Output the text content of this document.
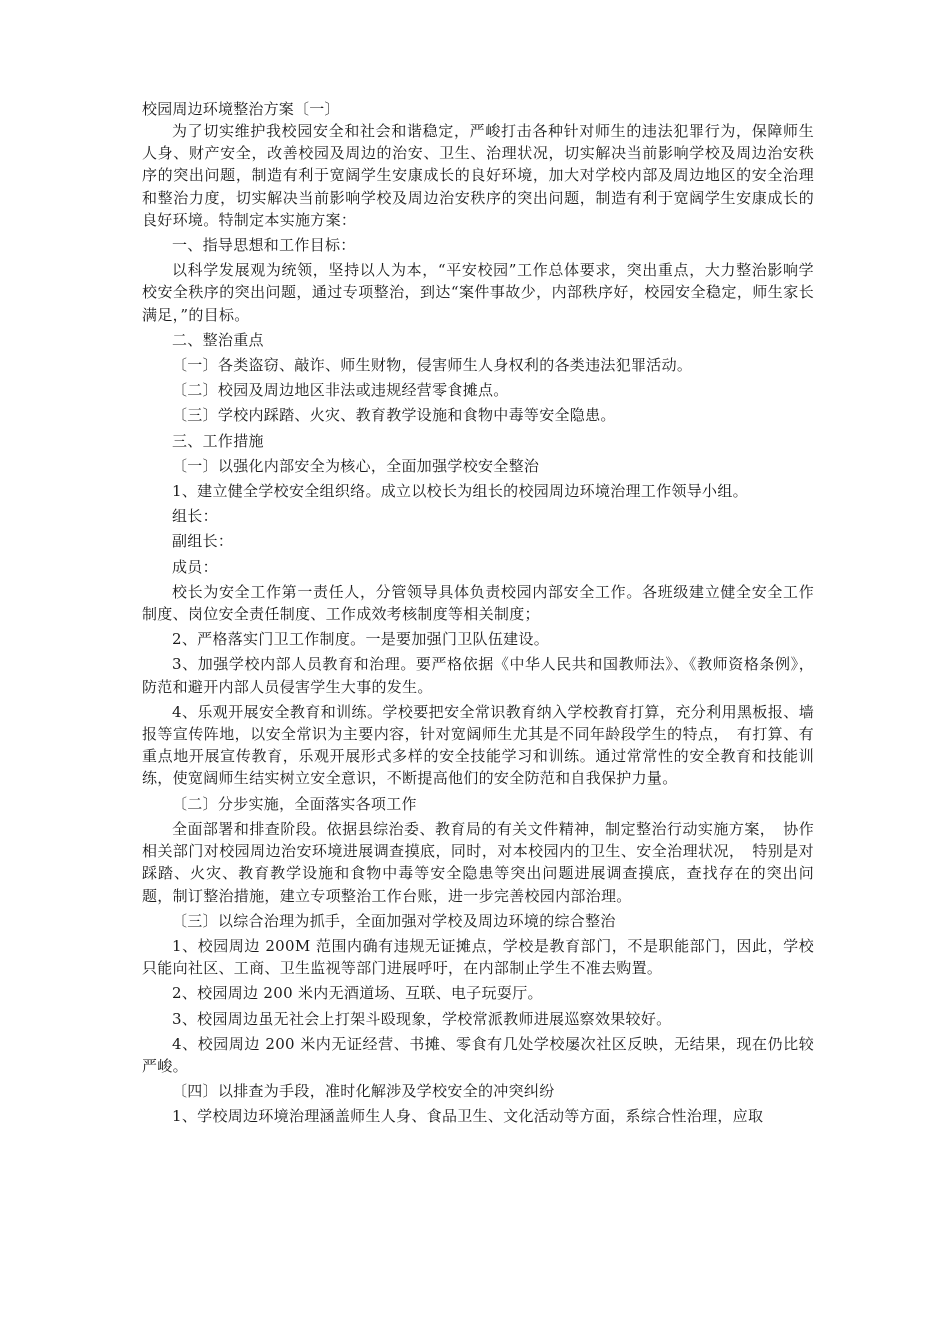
校园周边环境整治方案〔一〕

为了切实维护我校园安全和社会和谐稳定，严峻打击各种针对师生的违法犯罪行为，保障师生人身、财产安全，改善校园及周边的治安、卫生、治理状况，切实解决当前影响学校及周边治安秩序的突出问题，制造有利于宽阔学生安康成长的良好环境，加大对学校内部及周边地区的安全治理和整治力度，切实解决当前影响学校及周边治安秩序的突出问题，制造有利于宽阔学生安康成长的良好环境。特制定本实施方案：

一、指导思想和工作目标：

以科学发展观为统领，坚持以人为本，“平安校园”工作总体要求，突出重点，大力整治影响学校安全秩序的突出问题，通过专项整治，到达“案件事故少，内部秩序好，校园安全稳定，师生家长满足，”的目标。

二、整治重点

〔一〕各类盗窃、敲诈、师生财物，侵害师生人身权利的各类违法犯罪活动。

〔二〕校园及周边地区非法或违规经营零食摊点。

〔三〕学校内踩踏、火灾、教育教学设施和食物中毒等安全隐患。

三、工作措施

〔一〕以强化内部安全为核心，全面加强学校安全整治

1、建立健全学校安全组织络。成立以校长为组长的校园周边环境治理工作领导小组。

组长：

副组长：

成员：

校长为安全工作第一责任人，分管领导具体负责校园内部安全工作。各班级建立健全安全工作制度、岗位安全责任制度、工作成效考核制度等相关制度；

2、严格落实门卫工作制度。一是要加强门卫队伍建设。

3、加强学校内部人员教育和治理。要严格依据《中华人民共和国教师法》、《教师资格条例》，防范和避开内部人员侵害学生大事的发生。

4、乐观开展安全教育和训练。学校要把安全常识教育纳入学校教育打算，充分利用黑板报、墙报等宣传阵地，以安全常识为主要内容，针对宽阔师生尤其是不同年龄段学生的特点，　有打算、有重点地开展宣传教育，乐观开展形式多样的安全技能学习和训练。通过常常性的安全教育和技能训练，使宽阔师生结实树立安全意识，不断提高他们的安全防范和自我保护力量。

〔二〕分步实施，全面落实各项工作

全面部署和排查阶段。依据县综治委、教育局的有关文件精神，制定整治行动实施方案，　协作相关部门对校园周边治安环境进展调查摸底，同时，对本校园内的卫生、安全治理状况，　特别是对踩踏、火灾、教育教学设施和食物中毒等安全隐患等突出问题进展调查摸底，查找存在的突出问题，制订整治措施，建立专项整治工作台账，进一步完善校园内部治理。

〔三〕以综合治理为抓手，全面加强对学校及周边环境的综合整治

1、校园周边 200M 范围内确有违规无证摊点，学校是教育部门，不是职能部门，因此，学校只能向社区、工商、卫生监视等部门进展呼吁，在内部制止学生不准去购置。

2、校园周边 200 米内无酒道场、互联、电子玩耍厅。

3、校园周边虽无社会上打架斗殴现象，学校常派教师进展巡察效果较好。

4、校园周边 200 米内无证经营、书摊、零食有几处学校屡次社区反映，无结果，现在仍比较严峻。

〔四〕以排查为手段，准时化解涉及学校安全的冲突纠纷

1、学校周边环境治理涵盖师生人身、食品卫生、文化活动等方面，系综合性治理，应取
